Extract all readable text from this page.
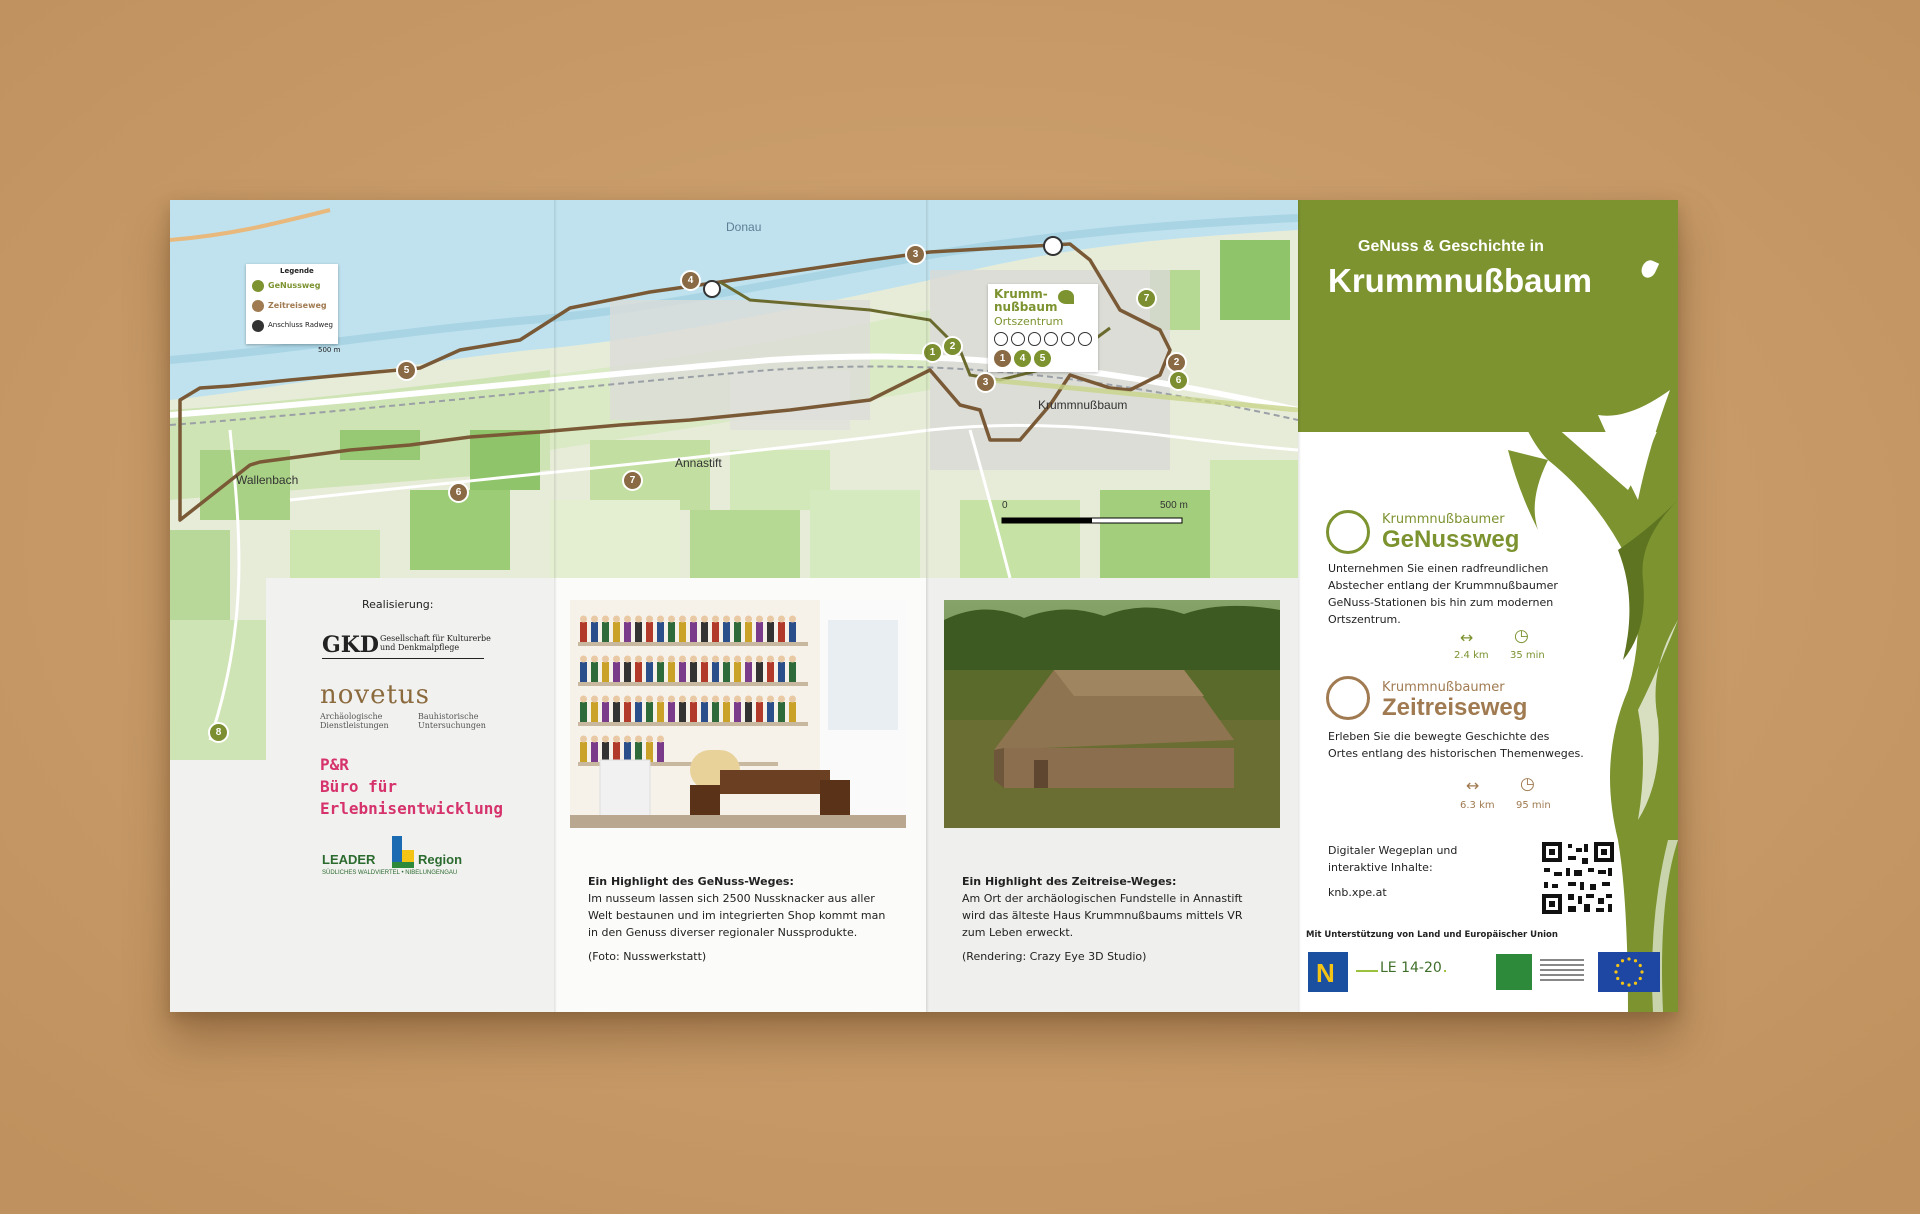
Donau
Wallenbach
Annastift
Krummnußbaum
0	500 m
Legende
GeNussweg
Zeitreiseweg
Anschluss Radweg
500 m
Krumm-
nußbaum
Ortszentrum
1	4	5
1
2
3
4
5
6
7
8
2
3	6
7
Realisierung:
GKD Gesellschaft für Kulturerbe
und Denkmalpflege
novetus
Archäologische
Dienstleistungen
Bauhistorische
Untersuchungen
P&R
Büro für
Erlebnisentwicklung
LEADER	Region
SÜDLICHES WALDVIERTEL • NIBELUNGENGAU
Ein Highlight des GeNuss-Weges:
Im nusseum lassen sich 2500 Nussknacker aus aller
Welt bestaunen und im integrierten Shop kommt man
in den Genuss diverser regionaler Nussprodukte.
(Foto: Nusswerkstatt)
Ein Highlight des Zeitreise-Weges:
Am Ort der archäologischen Fundstelle in Annastift
wird das älteste Haus Krummnußbaums mittels VR
zum Leben erweckt.
(Rendering: Crazy Eye 3D Studio)
GeNuss & Geschichte in
Krummnußbaum
Krummnußbaumer
GeNussweg
Unternehmen Sie einen radfreundlichen
Abstecher entlang der Krummnußbaumer
GeNuss-Stationen bis hin zum modernen
Ortszentrum.
↔
2.4 km
◷
35 min
Krummnußbaumer
Zeitreiseweg
Erleben Sie die bewegte Geschichte des
Ortes entlang des historischen Themenweges.
↔
6.3 km
◷
95 min
Digitaler Wegeplan und
interaktive Inhalte:
knb.xpe.at
Mit Unterstützung von Land und Europäischer Union
N	LE 14-20
